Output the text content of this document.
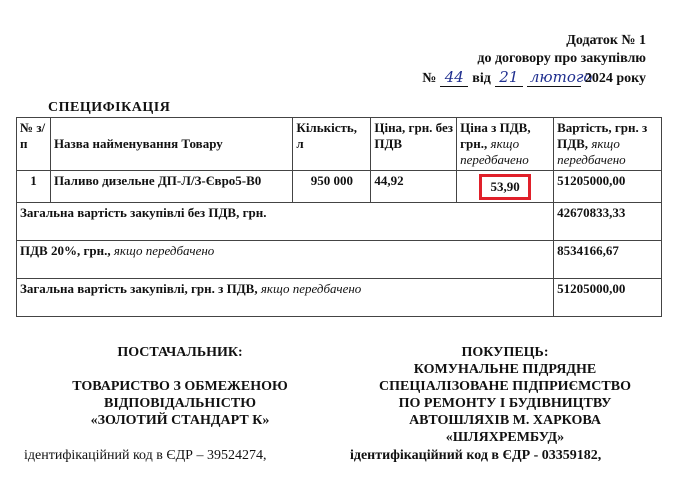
Додаток № 1
до договору про закупівлю
№ 44 від 21 лютого
2024 року
СПЕЦИФІКАЦІЯ
№ з/п	Назва найменування Товару	Кількість, л	Ціна, грн. без ПДВ	Ціна з ПДВ, грн., якщо передбачено	Вартість, грн. з ПДВ, якщо передбачено
1	Паливо дизельне ДП-Л/З-Євро5-В0	950 000	44,92	53,90	51205000,00
Загальна вартість закупівлі без ПДВ, грн.					42670833,33
ПДВ 20%, грн., якщо передбачено					8534166,67
Загальна вартість закупівлі, грн. з ПДВ, якщо передбачено					51205000,00
ПОСТАЧАЛЬНИК:
ТОВАРИСТВО З ОБМЕЖЕНОЮ
ВІДПОВІДАЛЬНІСТЮ
«ЗОЛОТИЙ СТАНДАРТ К»
ПОКУПЕЦЬ:
КОМУНАЛЬНЕ ПІДРЯДНЕ
СПЕЦІАЛІЗОВАНЕ ПІДПРИЄМСТВО
ПО РЕМОНТУ І БУДІВНИЦТВУ
АВТОШЛЯХІВ М. ХАРКОВА
«ШЛЯХРЕМБУД»
ідентифікаційний код в ЄДР – 39524274,	ідентифікаційний код в ЄДР - 03359182,
